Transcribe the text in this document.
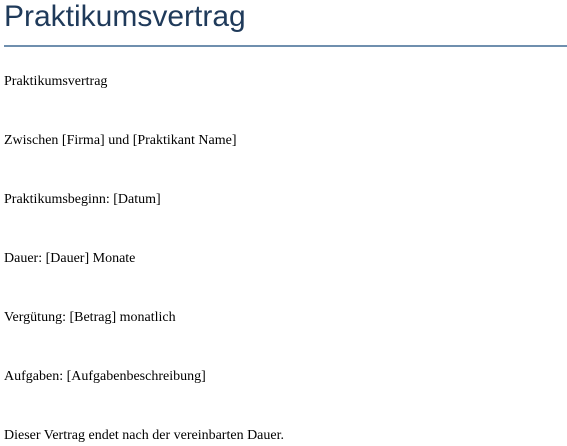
Praktikumsvertrag

Praktikumsvertrag

Zwischen [Firma] und [Praktikant Name]

Praktikumsbeginn: [Datum]

Dauer: [Dauer] Monate

Vergütung: [Betrag] monatlich

Aufgaben: [Aufgabenbeschreibung]

Dieser Vertrag endet nach der vereinbarten Dauer.
